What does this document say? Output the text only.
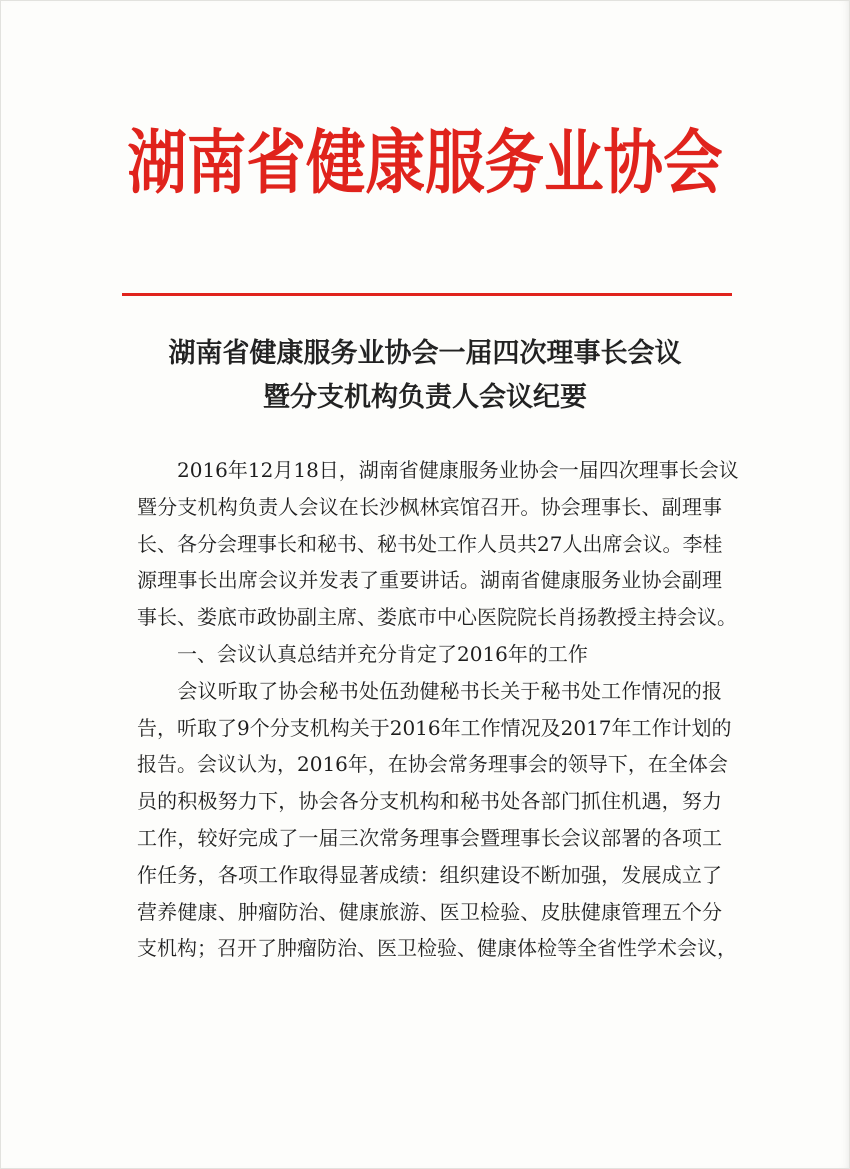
湖南省健康服务业协会
湖南省健康服务业协会一届四次理事长会议
暨分支机构负责人会议纪要
　　2016年12月18日，湖南省健康服务业协会一届四次理事长会议
暨分支机构负责人会议在长沙枫林宾馆召开。协会理事长、副理事
长、各分会理事长和秘书、秘书处工作人员共27人出席会议。李桂
源理事长出席会议并发表了重要讲话。湖南省健康服务业协会副理
事长、娄底市政协副主席、娄底市中心医院院长肖扬教授主持会议。
　　一、会议认真总结并充分肯定了2016年的工作
　　会议听取了协会秘书处伍劲健秘书长关于秘书处工作情况的报
告，听取了9个分支机构关于2016年工作情况及2017年工作计划的
报告。会议认为，2016年，在协会常务理事会的领导下，在全体会
员的积极努力下，协会各分支机构和秘书处各部门抓住机遇，努力
工作，较好完成了一届三次常务理事会暨理事长会议部署的各项工
作任务，各项工作取得显著成绩：组织建设不断加强，发展成立了
营养健康、肿瘤防治、健康旅游、医卫检验、皮肤健康管理五个分
支机构；召开了肿瘤防治、医卫检验、健康体检等全省性学术会议，
